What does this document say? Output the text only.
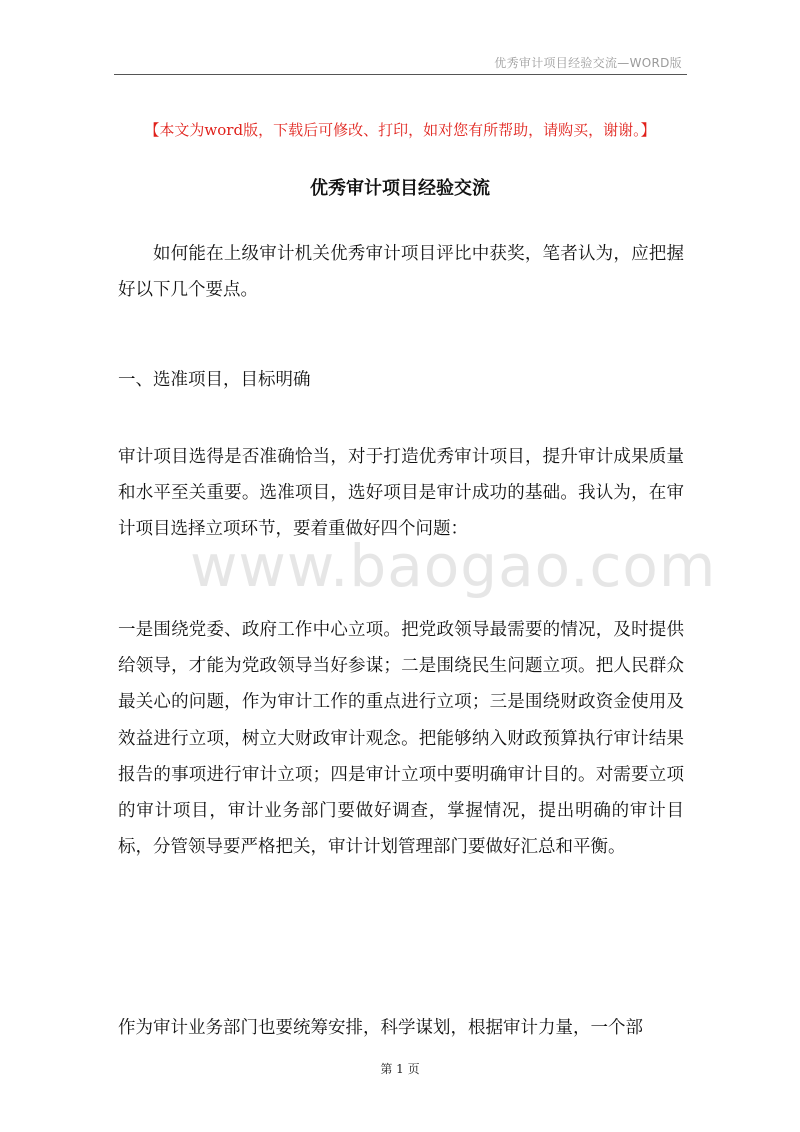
优秀审计项目经验交流—WORD版
【本文为word版，下载后可修改、打印，如对您有所帮助，请购买，谢谢。】
优秀审计项目经验交流

如何能在上级审计机关优秀审计项目评比中获奖，笔者认为，应把握好以下几个要点。

一、选准项目，目标明确

审计项目选得是否准确恰当，对于打造优秀审计项目，提升审计成果质量和水平至关重要。选准项目，选好项目是审计成功的基础。我认为，在审计项目选择立项环节，要着重做好四个问题：

www.baogao.com

一是围绕党委、政府工作中心立项。把党政领导最需要的情况，及时提供给领导，才能为党政领导当好参谋；二是围绕民生问题立项。把人民群众最关心的问题，作为审计工作的重点进行立项；三是围绕财政资金使用及效益进行立项，树立大财政审计观念。把能够纳入财政预算执行审计结果报告的事项进行审计立项；四是审计立项中要明确审计目的。对需要立项的审计项目，审计业务部门要做好调查，掌握情况，提出明确的审计目标，分管领导要严格把关，审计计划管理部门要做好汇总和平衡。

作为审计业务部门也要统筹安排，科学谋划，根据审计力量，一个部

第 1 页
